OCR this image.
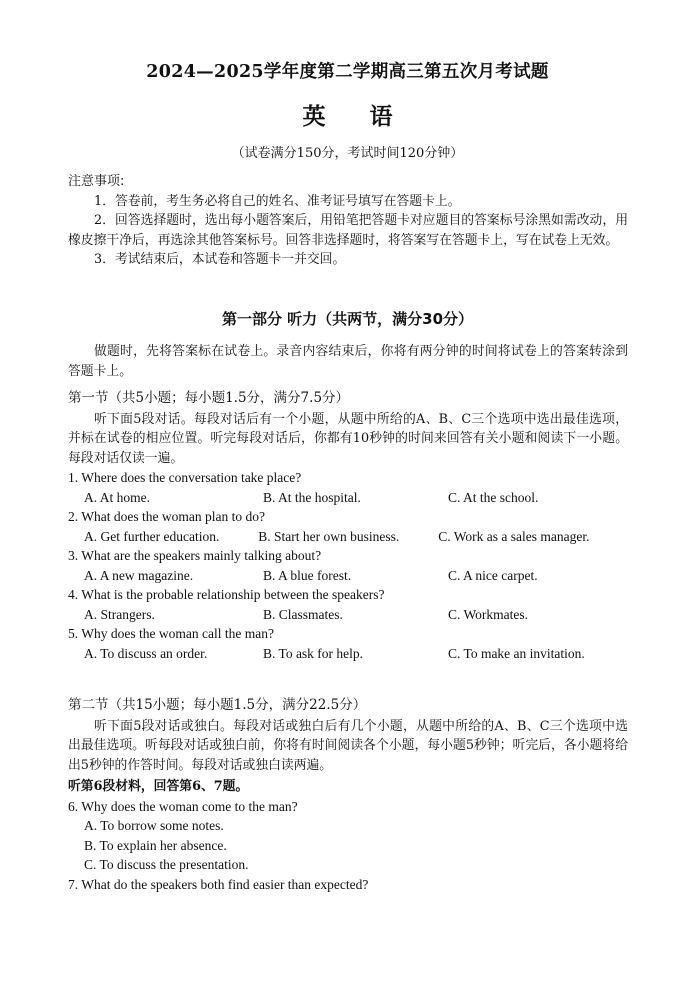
2024—2025学年度第二学期高三第五次月考试题
英 语
（试卷满分150分，考试时间120分钟）
注意事项:
1．答卷前，考生务必将自己的姓名、准考证号填写在答题卡上。
2．回答选择题时，选出每小题答案后，用铅笔把答题卡对应题目的答案标号涂黑如需改动，用橡皮擦干净后，再选涂其他答案标号。回答非选择题时，将答案写在答题卡上，写在试卷上无效。
3．考试结束后，本试卷和答题卡一并交回。
第一部分 听力（共两节，满分30分）
做题时，先将答案标在试卷上。录音内容结束后，你将有两分钟的时间将试卷上的答案转涂到答题卡上。
第一节（共5小题；每小题1.5分，满分7.5分）
听下面5段对话。每段对话后有一个小题，从题中所给的A、B、C三个选项中选出最佳选项，并标在试卷的相应位置。听完每段对话后，你都有10秒钟的时间来回答有关小题和阅读下一小题。每段对话仅读一遍。
1. Where does the conversation take place?
A. At home.	B. At the hospital.	C. At the school.
2. What does the woman plan to do?
A. Get further education.	B. Start her own business.	C. Work as a sales manager.
3. What are the speakers mainly talking about?
A. A new magazine.	B. A blue forest.	C. A nice carpet.
4. What is the probable relationship between the speakers?
A. Strangers.	B. Classmates.	C. Workmates.
5. Why does the woman call the man?
A. To discuss an order.	B. To ask for help.	C. To make an invitation.
第二节（共15小题；每小题1.5分，满分22.5分）
听下面5段对话或独白。每段对话或独白后有几个小题，从题中所给的A、B、C三个选项中选出最佳选项。听每段对话或独白前，你将有时间阅读各个小题，每小题5秒钟；听完后，各小题将给出5秒钟的作答时间。每段对话或独白读两遍。
听第6段材料，回答第6、7题。
6. Why does the woman come to the man?
A. To borrow some notes.
B. To explain her absence.
C. To discuss the presentation.
7. What do the speakers both find easier than expected?
